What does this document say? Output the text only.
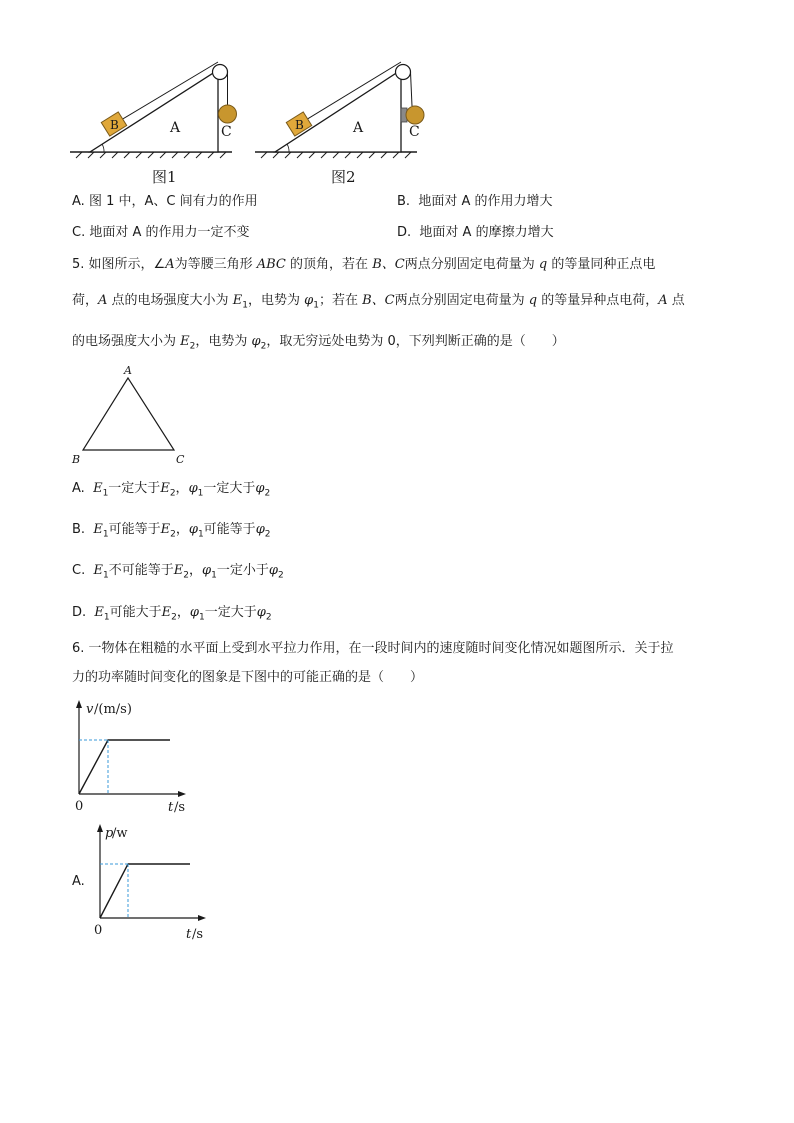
B	A	C
图1
B	A	C
图2
A. 图 1 中，A、C 间有力的作用	B. 地面对 A 的作用力增大
C. 地面对 A 的作用力一定不变	D. 地面对 A 的摩擦力增大
5. 如图所示，∠A为等腰三角形 ABC 的顶角，若在 B、C两点分别固定电荷量为 q 的等量同种正点电
荷，A 点的电场强度大小为 $E_1$，电势为 $\varphi_1$；若在 B、C两点分别固定电荷量为 q 的等量异种点电荷，A 点
的电场强度大小为 $E_2$，电势为 $\varphi_2$，取无穷远处电势为 0，下列判断正确的是（　　）
A
B	C
A. $E_1$一定大于$E_2$，$\varphi_1$一定大于$\varphi_2$
B. $E_1$可能等于$E_2$，$\varphi_1$可能等于$\varphi_2$
C. $E_1$不可能等于$E_2$，$\varphi_1$一定小于$\varphi_2$
D. $E_1$可能大于$E_2$，$\varphi_1$一定大于$\varphi_2$
6. 一物体在粗糙的水平面上受到水平拉力作用，在一段时间内的速度随时间变化情况如题图所示．关于拉
力的功率随时间变化的图象是下图中的可能正确的是（　　）
v /(m/s)
0	t /s
A.
p
/w
0	t /s
